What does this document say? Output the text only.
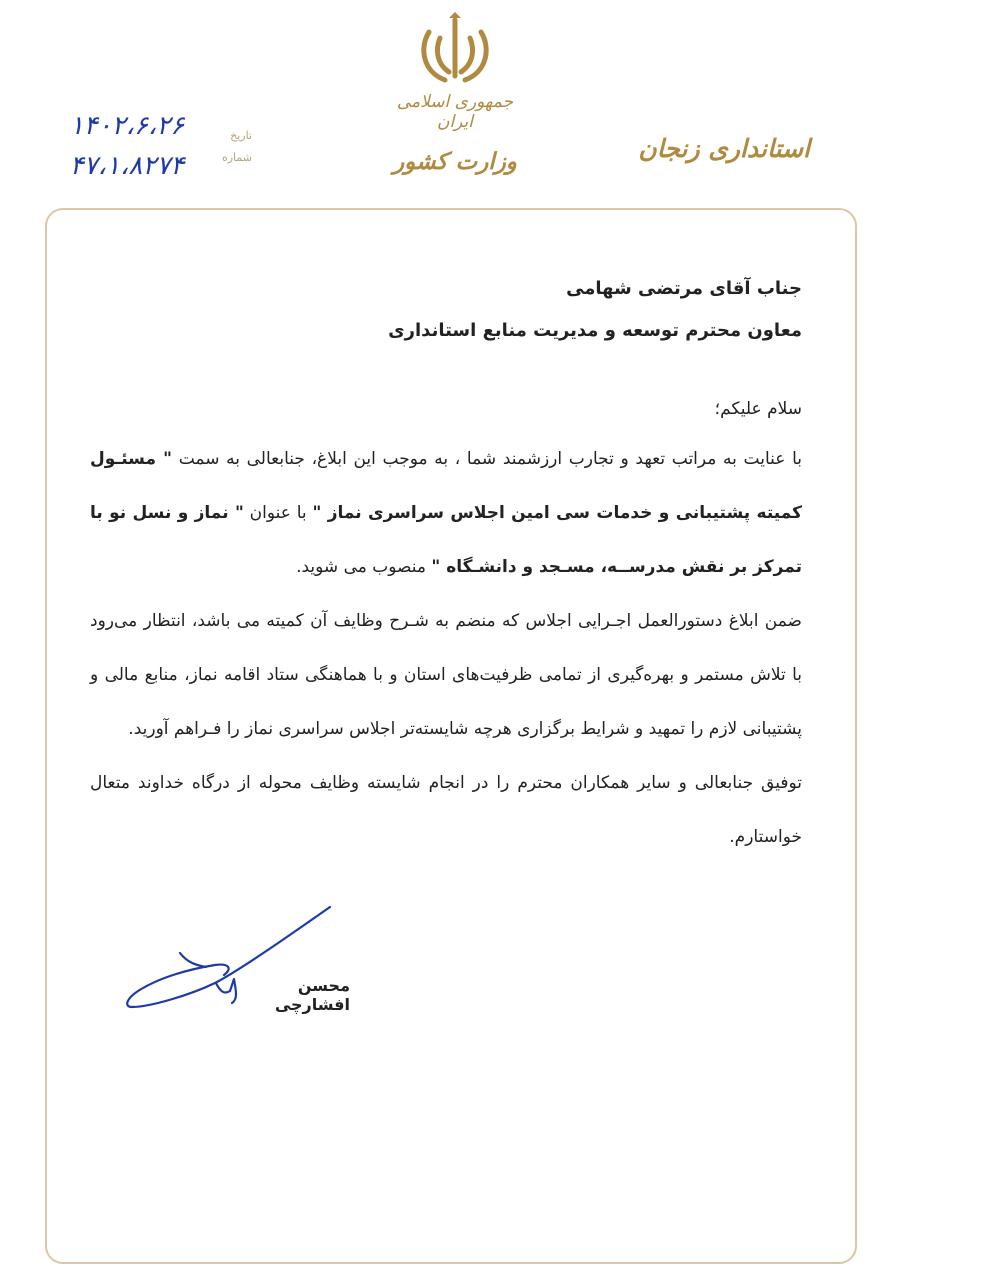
جمهوری اسلامی ایران
وزارت کشور	استانداری زنجان
تاریخ
شماره
۱۴۰۲،۶،۲۶
۴۷،۱،۸۲۷۴
جناب آقای مرتضی شهامی
معاون محترم توسعه و مدیریت منابع استانداری
سلام علیکم؛
با عنایت به مراتب تعهد و تجارب ارزشمند شما ، به موجب این ابلاغ، جنابعالی به سمت " مسئـول کمیته پشتیبانی و خدمات سی امین اجلاس سراسری نماز " با عنوان " نماز و نسل نو با تمرکز بر نقش مدرســه، مسـجد و دانشـگاه " منصوب می شوید.
ضمن ابلاغ دستورالعمل اجـرایی اجلاس که منضم به شـرح وظایف آن کمیته می باشد، انتظار می‌رود با تلاش مستمر و بهره‌گیری از تمامی ظرفیت‌های استان و با هماهنگی ستاد اقامه نماز، منابع مالی و پشتیبانی لازم را تمهید و شرایط برگزاری هرچه شایسته‌تر اجلاس سراسری نماز را فـراهم آورید.
توفیق جنابعالی و سایر همکاران محترم را در انجام شایسته وظایف محوله از درگاه خداوند متعال خواستارم.
محسن افشارچی
